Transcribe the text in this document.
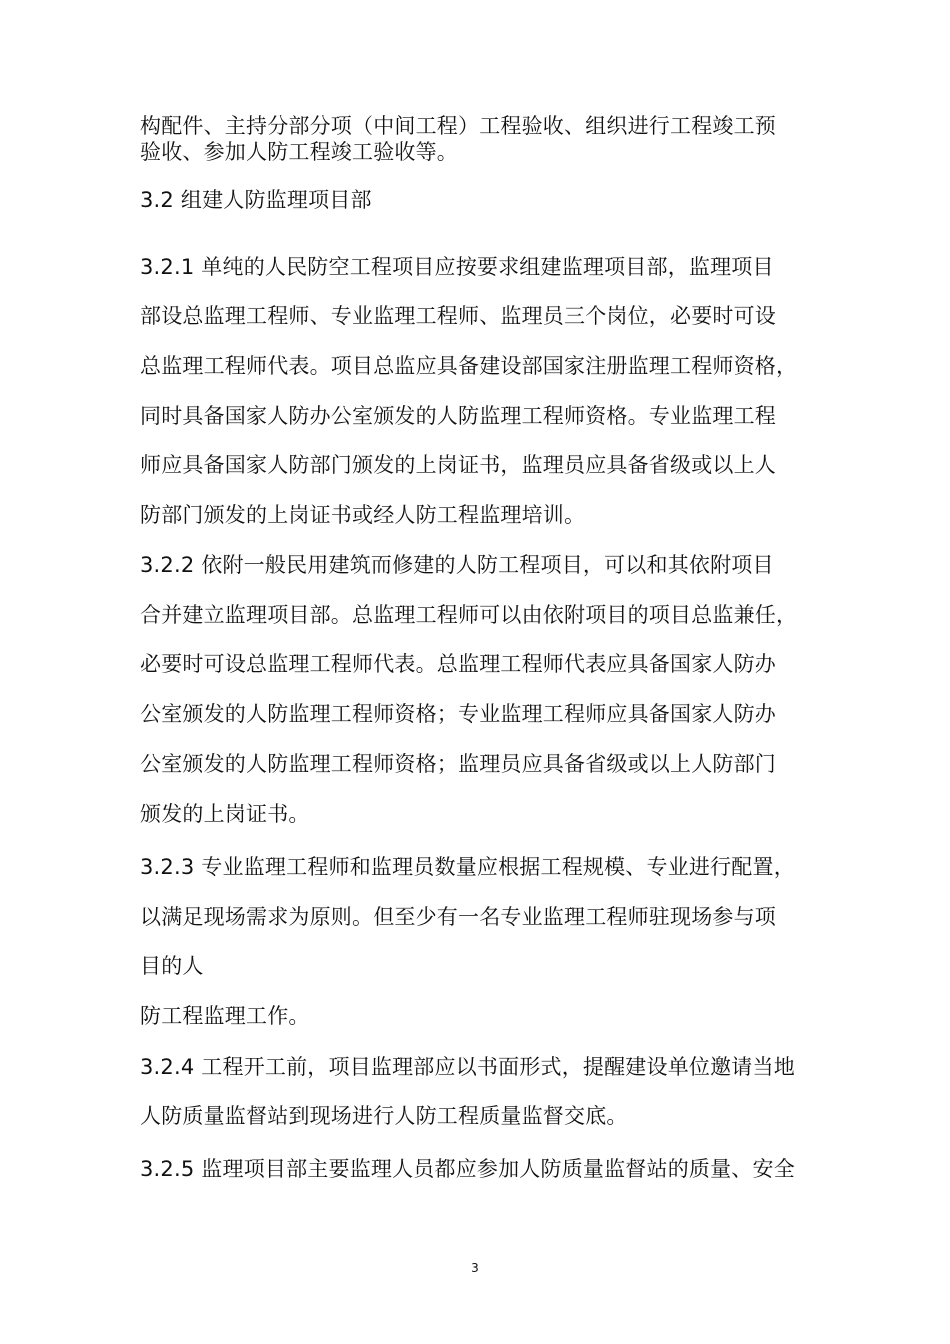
构配件、主持分部分项（中间工程）工程验收、组织进行工程竣工预
验收、参加人防工程竣工验收等。
3.2 组建人防监理项目部
3.2.1 单纯的人民防空工程项目应按要求组建监理项目部，监理项目
部设总监理工程师、专业监理工程师、监理员三个岗位，必要时可设
总监理工程师代表。项目总监应具备建设部国家注册监理工程师资格，
同时具备国家人防办公室颁发的人防监理工程师资格。专业监理工程
师应具备国家人防部门颁发的上岗证书，监理员应具备省级或以上人
防部门颁发的上岗证书或经人防工程监理培训。
3.2.2 依附一般民用建筑而修建的人防工程项目，可以和其依附项目
合并建立监理项目部。总监理工程师可以由依附项目的项目总监兼任，
必要时可设总监理工程师代表。总监理工程师代表应具备国家人防办
公室颁发的人防监理工程师资格；专业监理工程师应具备国家人防办
公室颁发的人防监理工程师资格；监理员应具备省级或以上人防部门
颁发的上岗证书。
3.2.3 专业监理工程师和监理员数量应根据工程规模、专业进行配置，
以满足现场需求为原则。但至少有一名专业监理工程师驻现场参与项
目的人
防工程监理工作。
3.2.4 工程开工前，项目监理部应以书面形式，提醒建设单位邀请当地
人防质量监督站到现场进行人防工程质量监督交底。
3.2.5 监理项目部主要监理人员都应参加人防质量监督站的质量、安全
3
